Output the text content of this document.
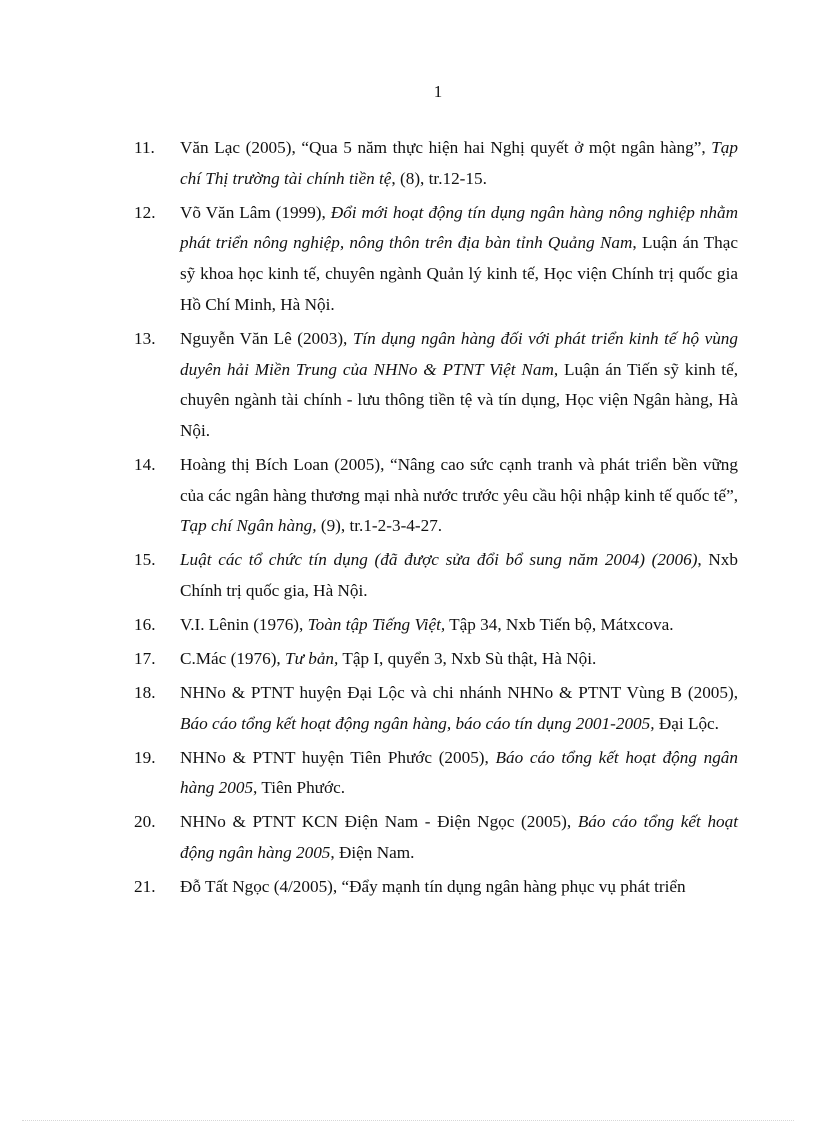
1
11. Văn Lạc (2005), “Qua 5 năm thực hiện hai Nghị quyết ở một ngân hàng”, Tạp chí Thị trường tài chính tiền tệ, (8), tr.12-15.
12. Võ Văn Lâm (1999), Đổi mới hoạt động tín dụng ngân hàng nông nghiệp nhằm phát triển nông nghiệp, nông thôn trên địa bàn tỉnh Quảng Nam, Luận án Thạc sỹ khoa học kinh tế, chuyên ngành Quản lý kinh tế, Học viện Chính trị quốc gia Hồ Chí Minh, Hà Nội.
13. Nguyễn Văn Lê (2003), Tín dụng ngân hàng đối với phát triển kinh tế hộ vùng duyên hải Miền Trung của NHNo & PTNT Việt Nam, Luận án Tiến sỹ kinh tế, chuyên ngành tài chính - lưu thông tiền tệ và tín dụng, Học viện Ngân hàng, Hà Nội.
14. Hoàng thị Bích Loan (2005), “Nâng cao sức cạnh tranh và phát triển bền vững của các ngân hàng thương mại nhà nước trước yêu cầu hội nhập kinh tế quốc tế”, Tạp chí Ngân hàng, (9), tr.1-2-3-4-27.
15. Luật các tổ chức tín dụng (đã được sửa đổi bổ sung năm 2004) (2006), Nxb Chính trị quốc gia, Hà Nội.
16. V.I. Lênin (1976), Toàn tập Tiếng Việt, Tập 34, Nxb Tiến bộ, Mátxcova.
17. C.Mác (1976), Tư bản, Tập I, quyển 3, Nxb Sù thật, Hà Nội.
18. NHNo & PTNT huyện Đại Lộc và chi nhánh NHNo & PTNT Vùng B (2005), Báo cáo tổng kết hoạt động ngân hàng, báo cáo tín dụng 2001-2005, Đại Lộc.
19. NHNo & PTNT huyện Tiên Phước (2005), Báo cáo tổng kết hoạt động ngân hàng 2005, Tiên Phước.
20. NHNo & PTNT KCN Điện Nam - Điện Ngọc (2005), Báo cáo tổng kết hoạt động ngân hàng 2005, Điện Nam.
21. Đỗ Tất Ngọc (4/2005), “Đẩy mạnh tín dụng ngân hàng phục vụ phát triển
